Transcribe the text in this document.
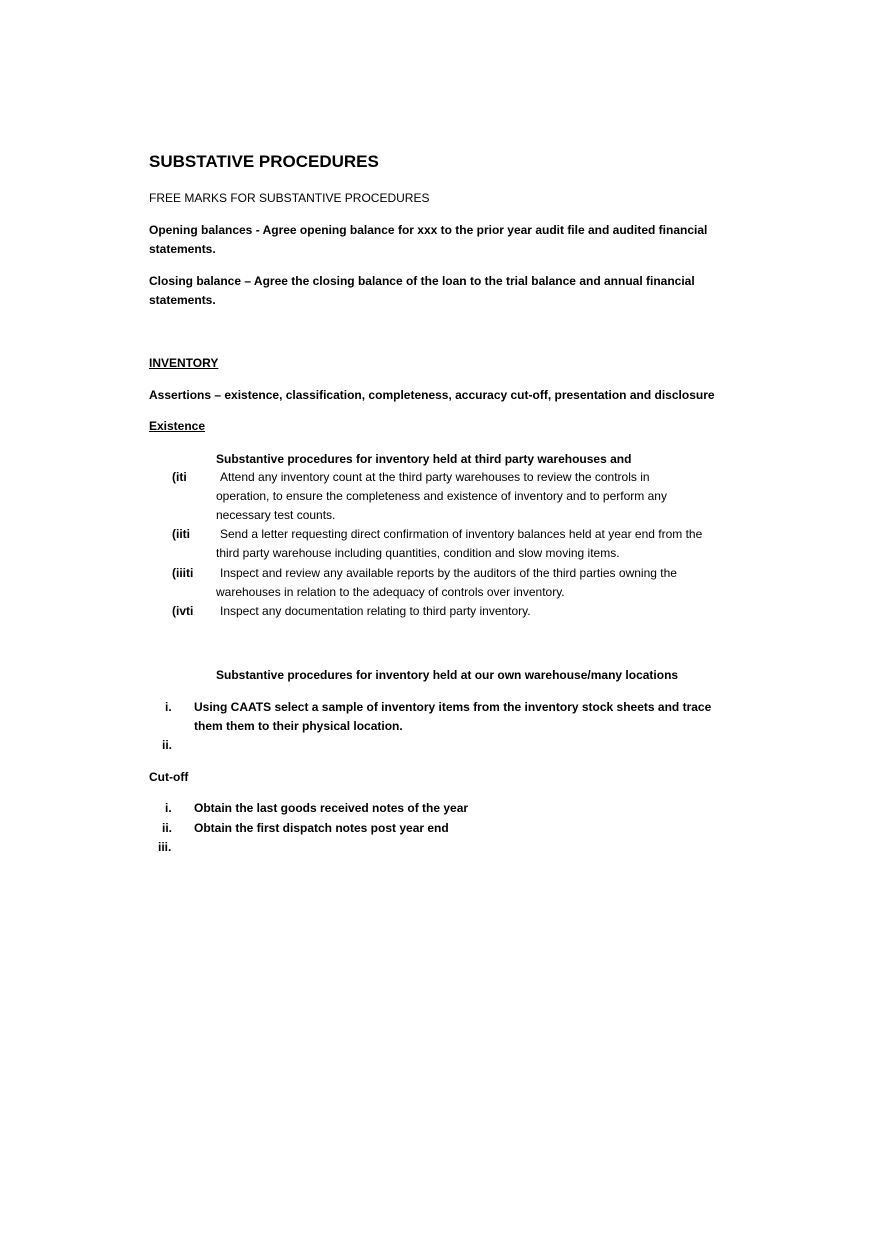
SUBSTATIVE PROCEDURES
FREE MARKS FOR SUBSTANTIVE PROCEDURES
Opening balances - Agree opening balance for xxx to the prior year audit file and audited financial
statements.
Closing balance – Agree the closing balance of the loan to the trial balance and annual financial
statements.
INVENTORY
Assertions – existence, classification, completeness, accuracy cut-off, presentation and disclosure
Existence
Substantive procedures for inventory held at third party warehouses and
(iti	Attend any inventory count at the third party warehouses to review the controls in
operation, to ensure the completeness and existence of inventory and to perform any
necessary test counts.
(iiti	Send a letter requesting direct confirmation of inventory balances held at year end from the
third party warehouse including quantities, condition and slow moving items.
(iiiti Inspect and review any available reports by the auditors of the third parties owning the
warehouses in relation to the adequacy of controls over inventory.
(ivti Inspect any documentation relating to third party inventory.
Substantive procedures for inventory held at our own warehouse/many locations
i. Using CAATS select a sample of inventory items from the inventory stock sheets and trace
them them to their physical location.
ii.
Cut-off
i. Obtain the last goods received notes of the year
ii. Obtain the first dispatch notes post year end
iii.
